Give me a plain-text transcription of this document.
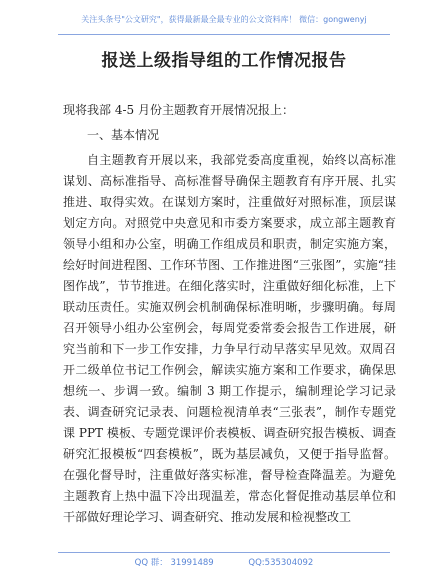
关注头条号"公文研究"，获得最新最全最专业的公文资料库！ 微信：gongwenyj
报送上级指导组的工作情况报告

现将我部 4-5 月份主题教育开展情况报上：

一、基本情况

自主题教育开展以来，我部党委高度重视，始终以高标准谋划、高标准指导、高标准督导确保主题教育有序开展、扎实推进、取得实效。在谋划方案时，注重做好对照标准，顶层谋划定方向。对照党中央意见和市委方案要求，成立部主题教育领导小组和办公室，明确工作组成员和职责，制定实施方案，绘好时间进程图、工作环节图、工作推进图“三张图”，实施“挂图作战”，节节推进。在细化落实时，注重做好细化标准，上下联动压责任。实施双例会机制确保标准明晰，步骤明确。每周召开领导小组办公室例会，每周党委常委会报告工作进展，研究当前和下一步工作安排，力争早行动早落实早见效。双周召开二级单位书记工作例会，解读实施方案和工作要求，确保思想统一、步调一致。编制 3 期工作提示，编制理论学习记录表、调查研究记录表、问题检视清单表“三张表”，制作专题党课 PPT 模板、专题党课评价表模板、调查研究报告模板、调查研究汇报模板“四套模板”，既为基层减负，又便于指导监督。在强化督导时，注重做好落实标准，督导检查降温差。为避免主题教育上热中温下冷出现温差，常态化督促推动基层单位和干部做好理论学习、调查研究、推动发展和检视整改工

QQ 群： 31991489	QQ:535304092
